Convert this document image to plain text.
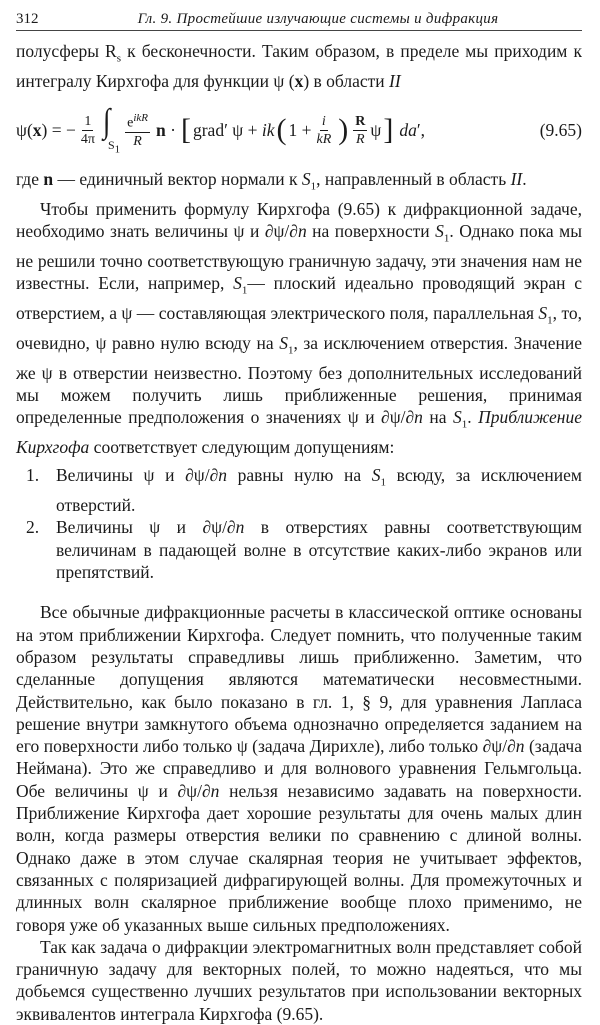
312	Гл. 9. Простейшие излучающие системы и дифракция

полусферы $R_s$ к бесконечности. Таким образом, в пределе мы приходим к интегралу Кирхгофа для функции ψ (x) в области II

ψ(x) = − $\frac{1}{4\pi}$ ∫
$S_1 \frac{e^{ikR}}{R}$ n · [ grad′ ψ + ik ( $1 + \frac{i}{kR}$ ) $\frac{R}{R}$ ψ ] da′,	(9.65)

где n — единичный вектор нормали к $S_1$, направленный в область II.

Чтобы применить формулу Кирхгофа (9.65) к дифракционной задаче, необходимо знать величины ψ и ∂ψ/∂n на поверхности $S_1$. Однако пока мы не решили точно соответствующую граничную задачу, эти значения нам не известны. Если, например, $S_1—$ плоский идеально проводящий экран с отверстием, а ψ — составляющая электрического поля, параллельная $S_1$, то, очевидно, ψ равно нулю всюду на $S_1$, за исключением отверстия. Значение же ψ в отверстии неизвестно. Поэтому без дополнительных исследований мы можем получить лишь приближенные решения, принимая определенные предположения о значениях ψ и ∂ψ/∂n на $S_1$. Приближение Кирхгофа соответствует следующим допущениям:

1. Величины ψ и ∂ψ/∂n равны нулю на $S_1$ всюду, за исключением отверстий.
2. Величины ψ и ∂ψ/∂n в отверстиях равны соответствующим величинам в падающей волне в отсутствие каких-либо экранов или препятствий.

Все обычные дифракционные расчеты в классической оптике основаны на этом приближении Кирхгофа. Следует помнить, что полученные таким образом результаты справедливы лишь приближенно. Заметим, что сделанные допущения являются математически несовместными. Действительно, как было показано в гл. 1, § 9, для уравнения Лапласа решение внутри замкнутого объема однозначно определяется заданием на его поверхности либо только ψ (задача Дирихле), либо только ∂ψ/∂n (задача Неймана). Это же справедливо и для волнового уравнения Гельмгольца. Обе величины ψ и ∂ψ/∂n нельзя независимо задавать на поверхности. Приближение Кирхгофа дает хорошие результаты для очень малых длин волн, когда размеры отверстия велики по сравнению с длиной волны. Однако даже в этом случае скалярная теория не учитывает эффектов, связанных с поляризацией дифрагирующей волны. Для промежуточных и длинных волн скалярное приближение вообще плохо применимо, не говоря уже об указанных выше сильных предположениях.

Так как задача о дифракции электромагнитных волн представляет собой граничную задачу для векторных полей, то можно надеяться, что мы добьемся существенно лучших результатов при использовании векторных эквивалентов интеграла Кирхгофа (9.65).
